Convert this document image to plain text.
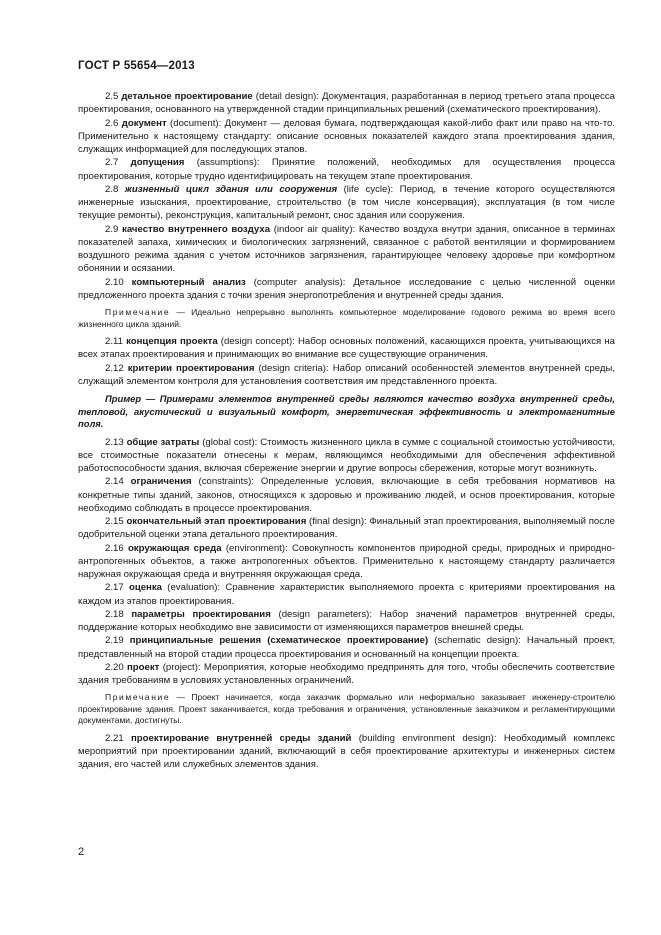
ГОСТ Р 55654—2013

2.5 детальное проектирование (detail design): Документация, разработанная в период третьего этапа процесса проектирования, основанного на утвержденной стадии принципиальных решений (схематического проектирования).

2.6 документ (document): Документ — деловая бумага, подтверждающая какой-либо факт или право на что-то. Применительно к настоящему стандарту: описание основных показателей каждого этапа проектирования здания, служащих информацией для последующих этапов.

2.7 допущения (assumptions): Принятие положений, необходимых для осуществления процесса проектирования, которые трудно идентифицировать на текущем этапе проектирования.

2.8 жизненный цикл здания или сооружения (life cycle): Период, в течение которого осуществляются инженерные изыскания, проектирование, строительство (в том числе консервация), эксплуатация (в том числе текущие ремонты), реконструкция, капитальный ремонт, снос здания или сооружения.

2.9 качество внутреннего воздуха (indoor air quality): Качество воздуха внутри здания, описанное в терминах показателей запаха, химических и биологических загрязнений, связанное с работой вентиляции и формированием воздушного режима здания с учетом источников загрязнения, гарантирующее человеку здоровье при комфортном обонянии и осязании.

2.10 компьютерный анализ (computer analysis): Детальное исследование с целью численной оценки предложенного проекта здания с точки зрения энергопотребления и внутренней среды здания.

Примечание — Идеально непрерывно выполнять компьютерное моделирование годового режима во время всего жизненного цикла зданий.

2.11 концепция проекта (design concept): Набор основных положений, касающихся проекта, учитывающихся на всех этапах проектирования и принимающих во внимание все существующие ограничения.

2.12 критерии проектирования (design criteria): Набор описаний особенностей элементов внутренней среды, служащий элементом контроля для установления соответствия им представленного проекта.

Пример — Примерами элементов внутренней среды являются качество воздуха внутренней среды, тепловой, акустический и визуальный комфорт, энергетическая эффективность и электромагнитные поля.

2.13 общие затраты (global cost): Стоимость жизненного цикла в сумме с социальной стоимостью устойчивости, все стоимостные показатели отнесены к мерам, являющимся необходимыми для обеспечения эффективной работоспособности здания, включая сбережение энергии и другие вопросы сбережения, которые могут возникнуть.

2.14 ограничения (constraints): Определенные условия, включающие в себя требования нормативов на конкретные типы зданий, законов, относящихся к здоровью и проживанию людей, и основ проектирования, которые необходимо соблюдать в процессе проектирования.

2.15 окончательный этап проектирования (final design): Финальный этап проектирования, выполняемый после одобрительной оценки этапа детального проектирования.

2.16 окружающая среда (environment): Совокупность компонентов природной среды, природных и природно-антропогенных объектов, а также антропогенных объектов. Применительно к настоящему стандарту различается наружная окружающая среда и внутренняя окружающая среда.

2.17 оценка (evaluation): Сравнение характеристик выполняемого проекта с критериями проектирования на каждом из этапов проектирования.

2.18 параметры проектирования (design parameters): Набор значений параметров внутренней среды, поддержание которых необходимо вне зависимости от изменяющихся параметров внешней среды.

2.19 принципиальные решения (схематическое проектирование) (schematic design): Начальный проект, представленный на второй стадии процесса проектирования и основанный на концепции проекта.

2.20 проект (project): Мероприятия, которые необходимо предпринять для того, чтобы обеспечить соответствие здания требованиям в условиях установленных ограничений.

Примечание — Проект начинается, когда заказчик формально или неформально заказывает инженеру-строителю проектирование здания. Проект заканчивается, когда требования и ограничения, установленные заказчиком и регламентирующими документами, достигнуты.

2.21 проектирование внутренней среды зданий (building environment design): Необходимый комплекс мероприятий при проектировании зданий, включающий в себя проектирование архитектуры и инженерных систем здания, его частей или служебных элементов здания.

2
